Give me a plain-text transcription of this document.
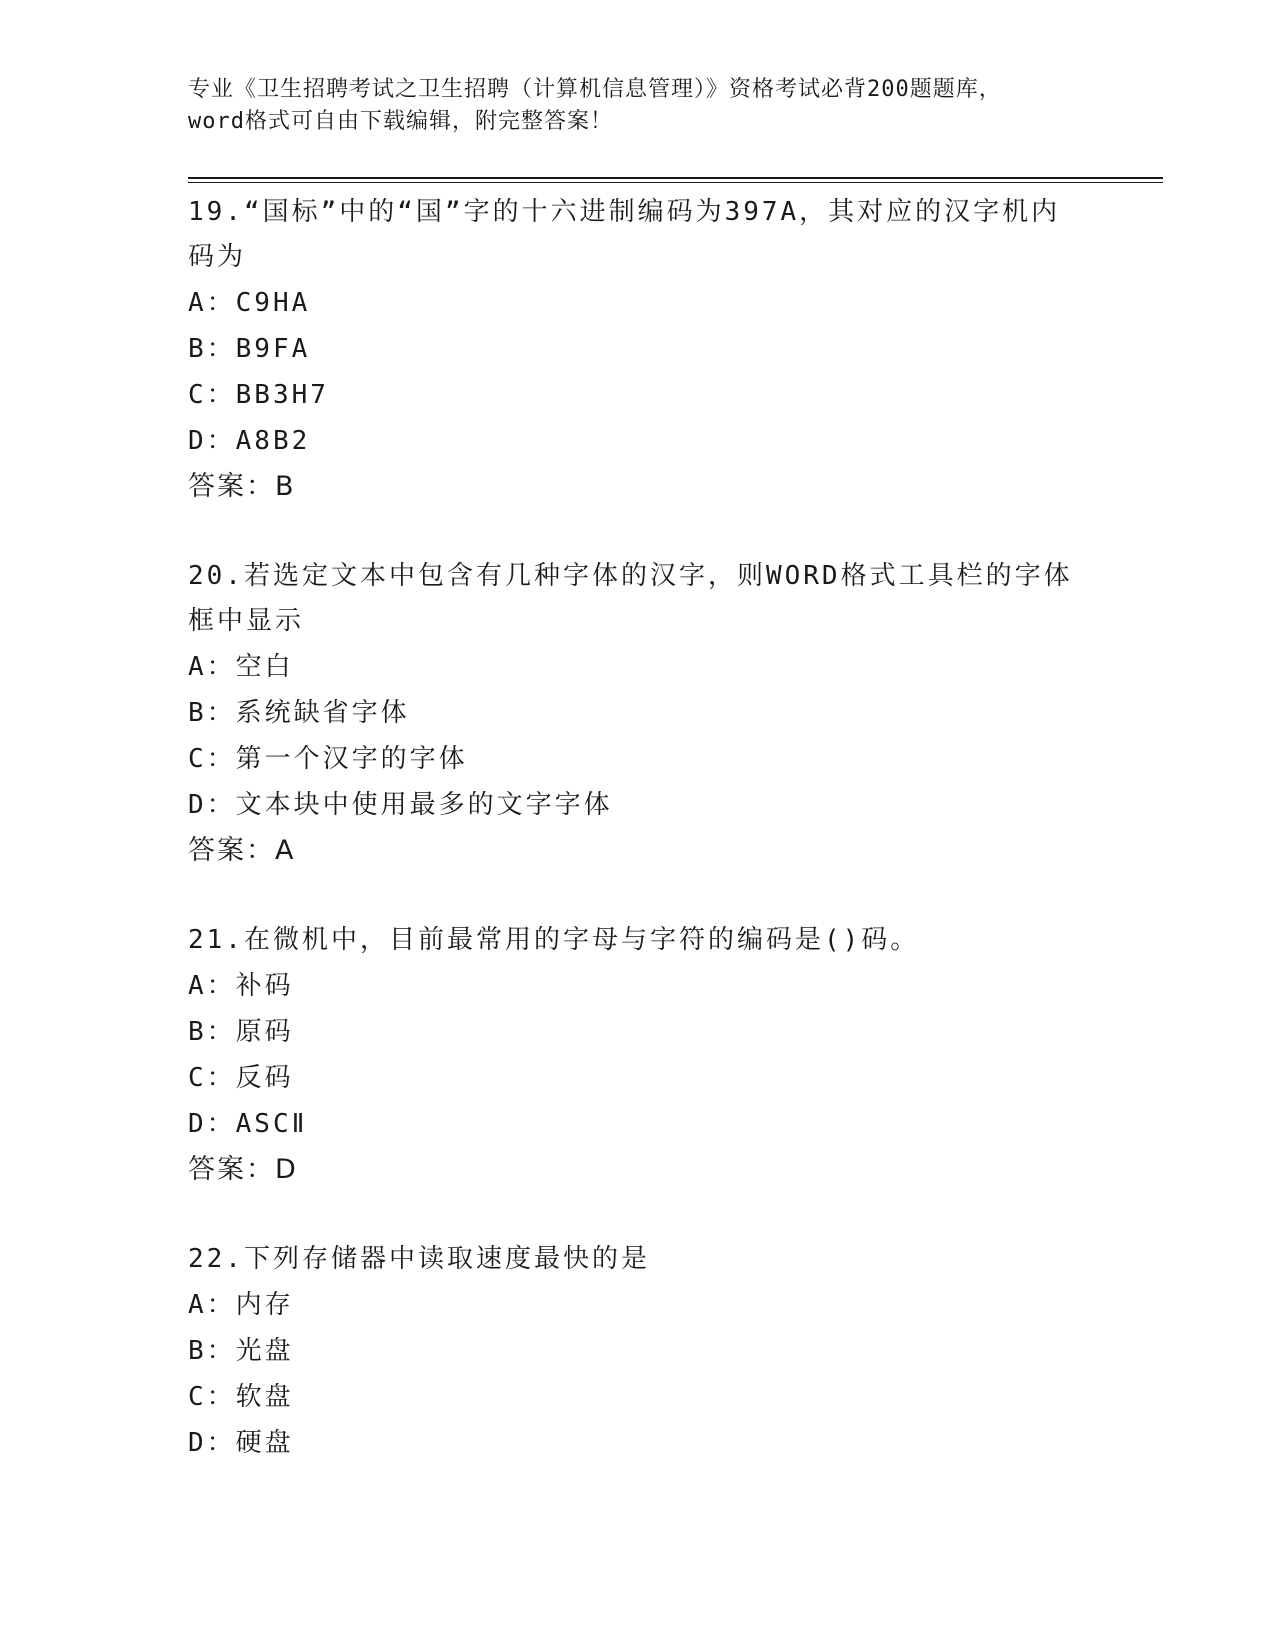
专业《卫生招聘考试之卫生招聘（计算机信息管理）》资格考试必背200题题库，
word格式可自由下载编辑，附完整答案！

19.“国标”中的“国”字的十六进制编码为397A，其对应的汉字机内码为

A：C9HA

B：B9FA

C：BB3H7

D：A8B2

答案：B

20.若选定文本中包含有几种字体的汉字，则WORD格式工具栏的字体框中显示

A：空白

B：系统缺省字体

C：第一个汉字的字体

D：文本块中使用最多的文字字体

答案：A

21.在微机中，目前最常用的字母与字符的编码是()码。

A：补码

B：原码

C：反码

D：ASCⅡ

答案：D

22.下列存储器中读取速度最快的是

A：内存

B：光盘

C：软盘

D：硬盘
